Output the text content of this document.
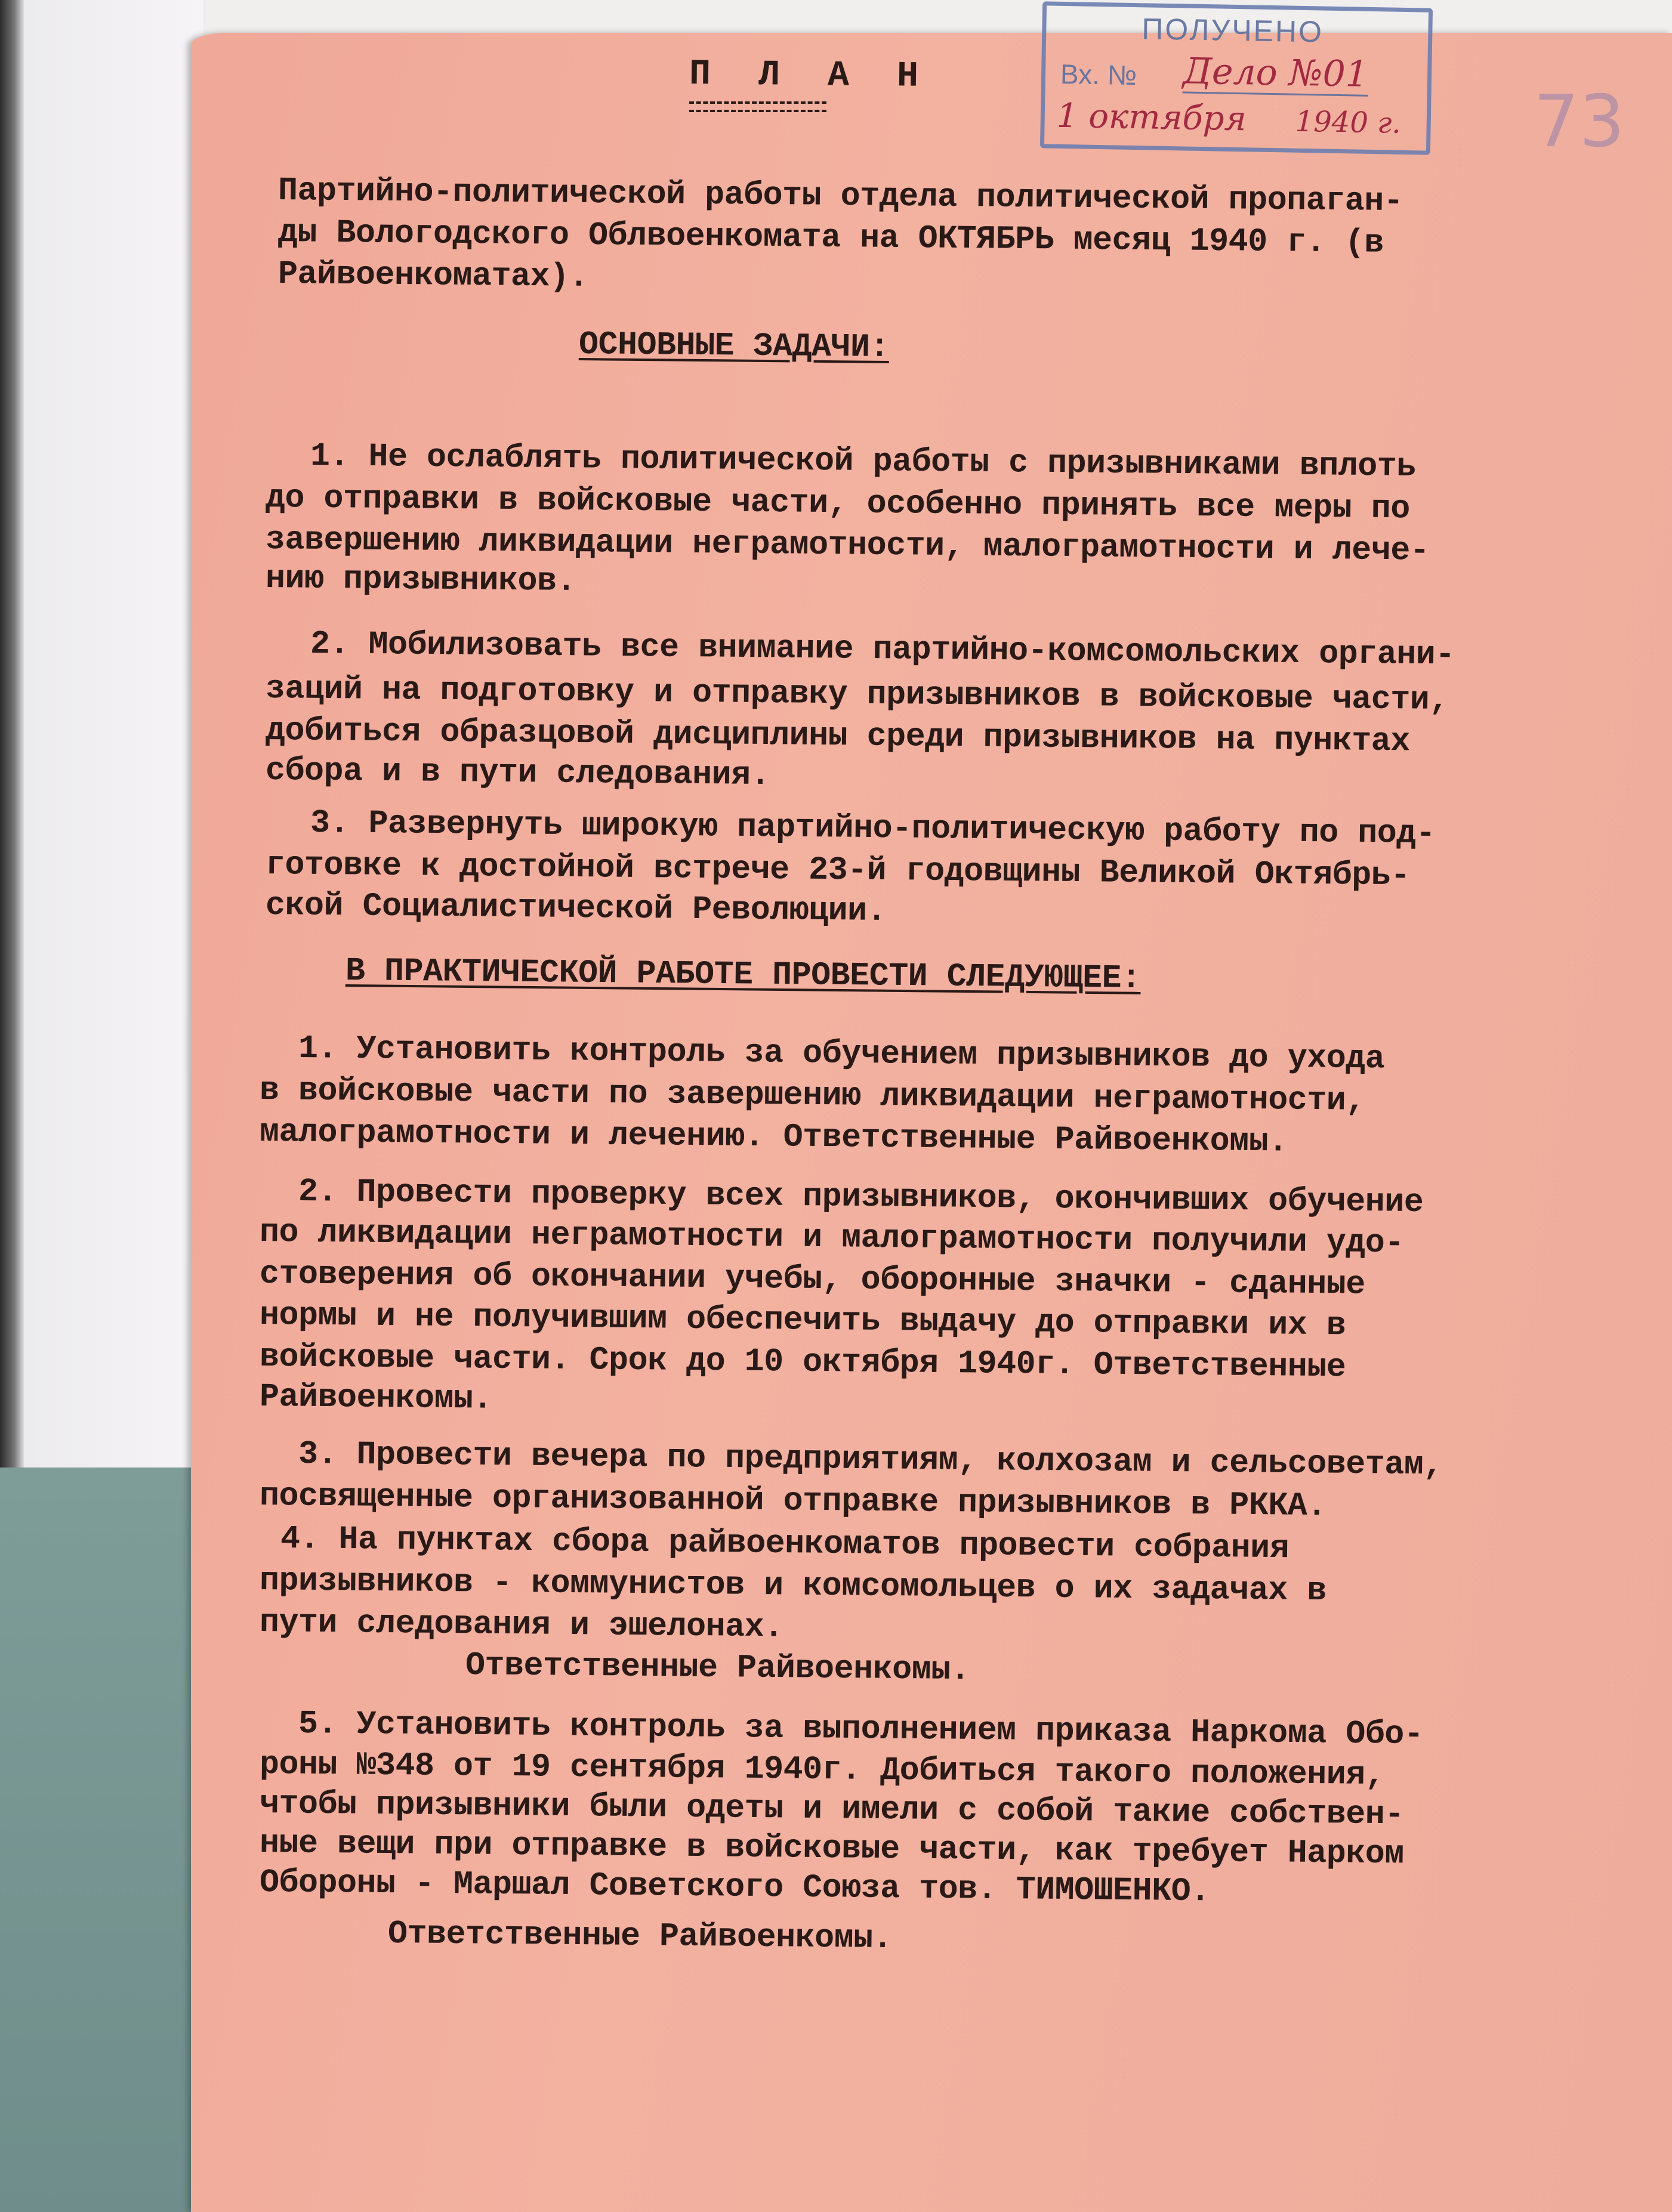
П Л А Н
ПОЛУЧЕНО
Вх. № Дело №01
1 октября 1940 г. 73
Партийно-политической работы отдела политической пропаган-
ды Вологодского Облвоенкомата на ОКТЯБРЬ месяц 1940 г. (в
Райвоенкоматах).
ОСНОВНЫЕ ЗАДАЧИ:
1. Не ослаблять политической работы с призывниками вплоть
до отправки в войсковые части, особенно принять все меры по
завершению ликвидации неграмотности, малограмотности и лече-
нию призывников.
2. Мобилизовать все внимание партийно-комсомольских органи-
заций на подготовку и отправку призывников в войсковые части,
добиться образцовой дисциплины среди призывников на пунктах
сбора и в пути следования.
3. Развернуть широкую партийно-политическую работу по под-
готовке к достойной встрече 23-й годовщины Великой Октябрь-
ской Социалистической Революции.
В ПРАКТИЧЕСКОЙ РАБОТЕ ПРОВЕСТИ СЛЕДУЮЩЕЕ:
1. Установить контроль за обучением призывников до ухода
в войсковые части по завершению ликвидации неграмотности,
малограмотности и лечению. Ответственные Райвоенкомы.
2. Провести проверку всех призывников, окончивших обучение
по ликвидации неграмотности и малограмотности получили удо-
стоверения об окончании учебы, оборонные значки - сданные
нормы и не получившим обеспечить выдачу до отправки их в
войсковые части. Срок до 10 октября 1940г. Ответственные
Райвоенкомы.
3. Провести вечера по предприятиям, колхозам и сельсоветам,
посвященные организованной отправке призывников в РККА.
4. На пунктах сбора райвоенкоматов провести собрания
призывников - коммунистов и комсомольцев о их задачах в
пути следования и эшелонах.
Ответственные Райвоенкомы.
5. Установить контроль за выполнением приказа Наркома Обо-
роны №348 от 19 сентября 1940г. Добиться такого положения,
чтобы призывники были одеты и имели с собой такие собствен-
ные вещи при отправке в войсковые части, как требует Нарком
Обороны - Маршал Советского Союза тов. ТИМОШЕНКО.
Ответственные Райвоенкомы.
